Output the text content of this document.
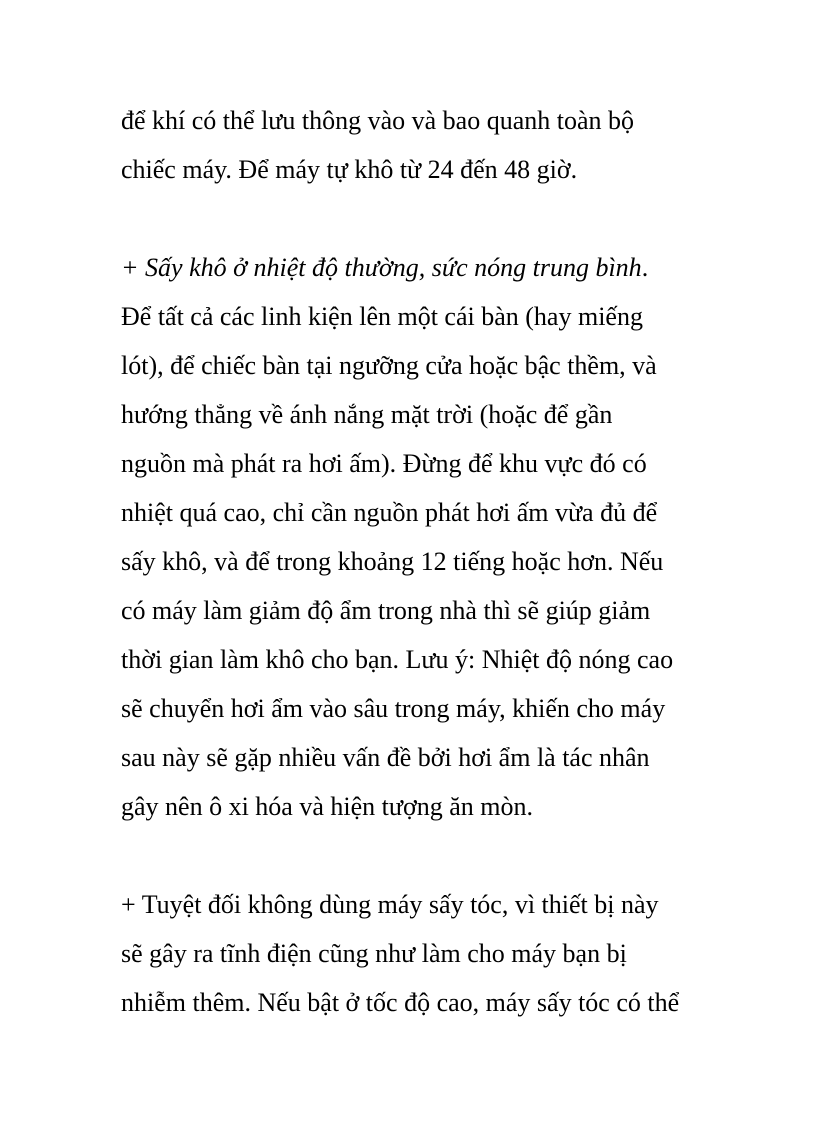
để khí có thể lưu thông vào và bao quanh toàn bộ
chiếc máy. Để máy tự khô từ 24 đến 48 giờ.
+ Sấy khô ở nhiệt độ thường, sức nóng trung bình.
Để tất cả các linh kiện lên một cái bàn (hay miếng
lót), để chiếc bàn tại ngưỡng cửa hoặc bậc thềm, và
hướng thẳng về ánh nắng mặt trời (hoặc để gần
nguồn mà phát ra hơi ấm). Đừng để khu vực đó có
nhiệt quá cao, chỉ cần nguồn phát hơi ấm vừa đủ để
sấy khô, và để trong khoảng 12 tiếng hoặc hơn. Nếu
có máy làm giảm độ ẩm trong nhà thì sẽ giúp giảm
thời gian làm khô cho bạn. Lưu ý: Nhiệt độ nóng cao
sẽ chuyển hơi ẩm vào sâu trong máy, khiến cho máy
sau này sẽ gặp nhiều vấn đề bởi hơi ẩm là tác nhân
gây nên ô xi hóa và hiện tượng ăn mòn.
+ Tuyệt đối không dùng máy sấy tóc, vì thiết bị này
sẽ gây ra tĩnh điện cũng như làm cho máy bạn bị
nhiễm thêm. Nếu bật ở tốc độ cao, máy sấy tóc có thể
